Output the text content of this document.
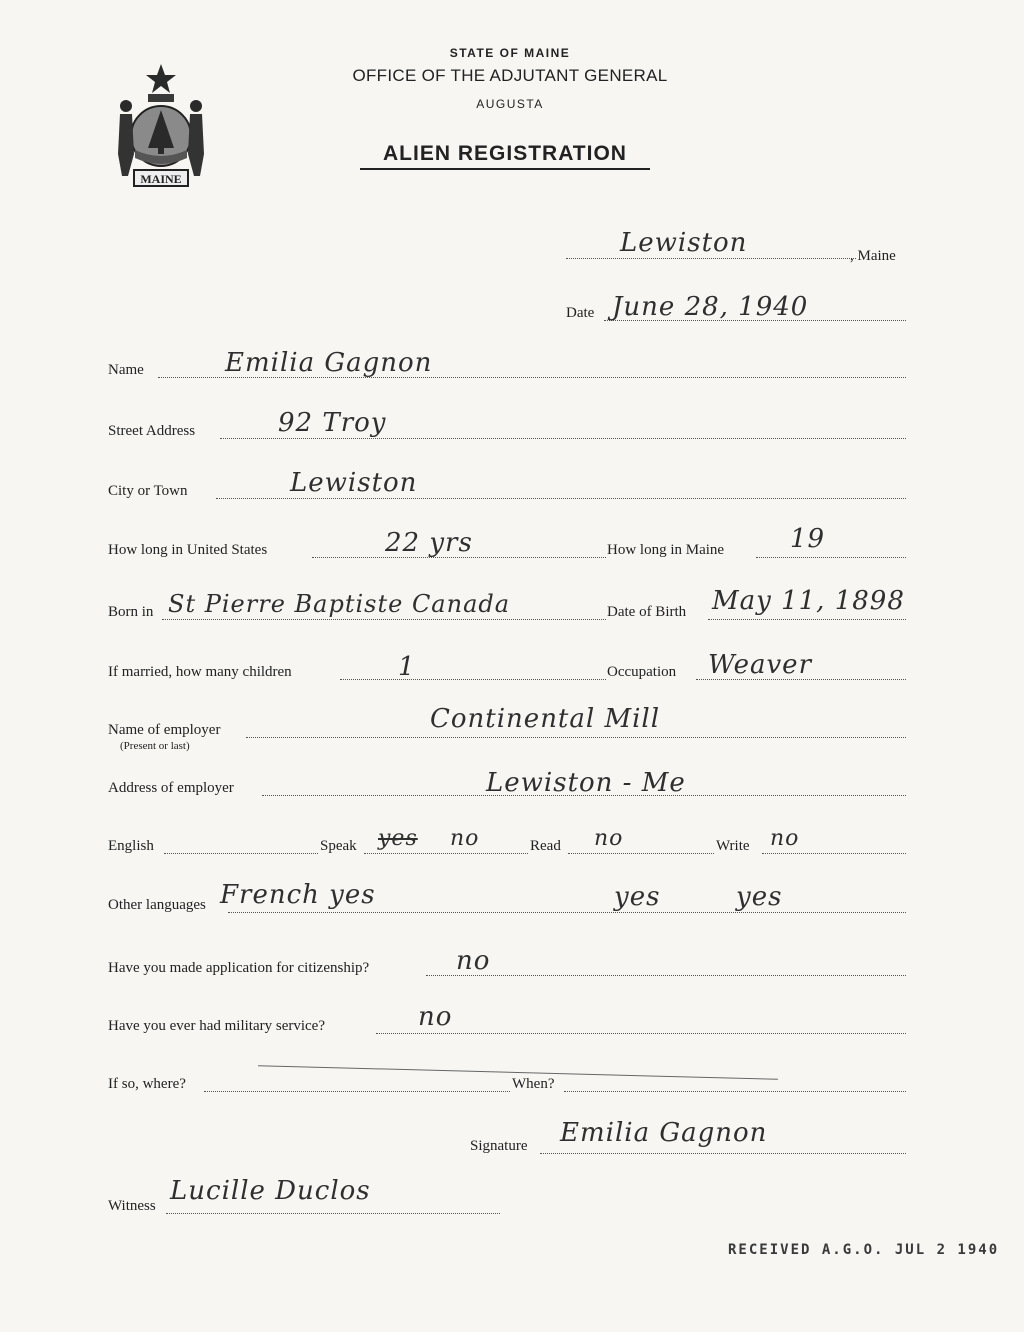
MAINE
STATE OF MAINE
OFFICE OF THE ADJUTANT GENERAL
AUGUSTA
ALIEN REGISTRATION
Lewiston	, Maine
Date June 28, 1940
Name	Emilia Gagnon
Street Address	92 Troy
City or Town	Lewiston
How long in United States	22 yrs	How long in Maine	19
Born in St Pierre Baptiste Canada	Date of Birth May 11, 1898
If married, how many children	1	Occupation Weaver
Name of employer
(Present or last)
Continental Mill
Address of employer	Lewiston - Me
English	Speak yes no	Read no	Write no
Other languages French yes	yes	yes
Have you made application for citizenship?	no
Have you ever had military service?	no
If so, where?	When?
Signature Emilia Gagnon
Witness Lucille Duclos
RECEIVED A.G.O. JUL 2 1940
